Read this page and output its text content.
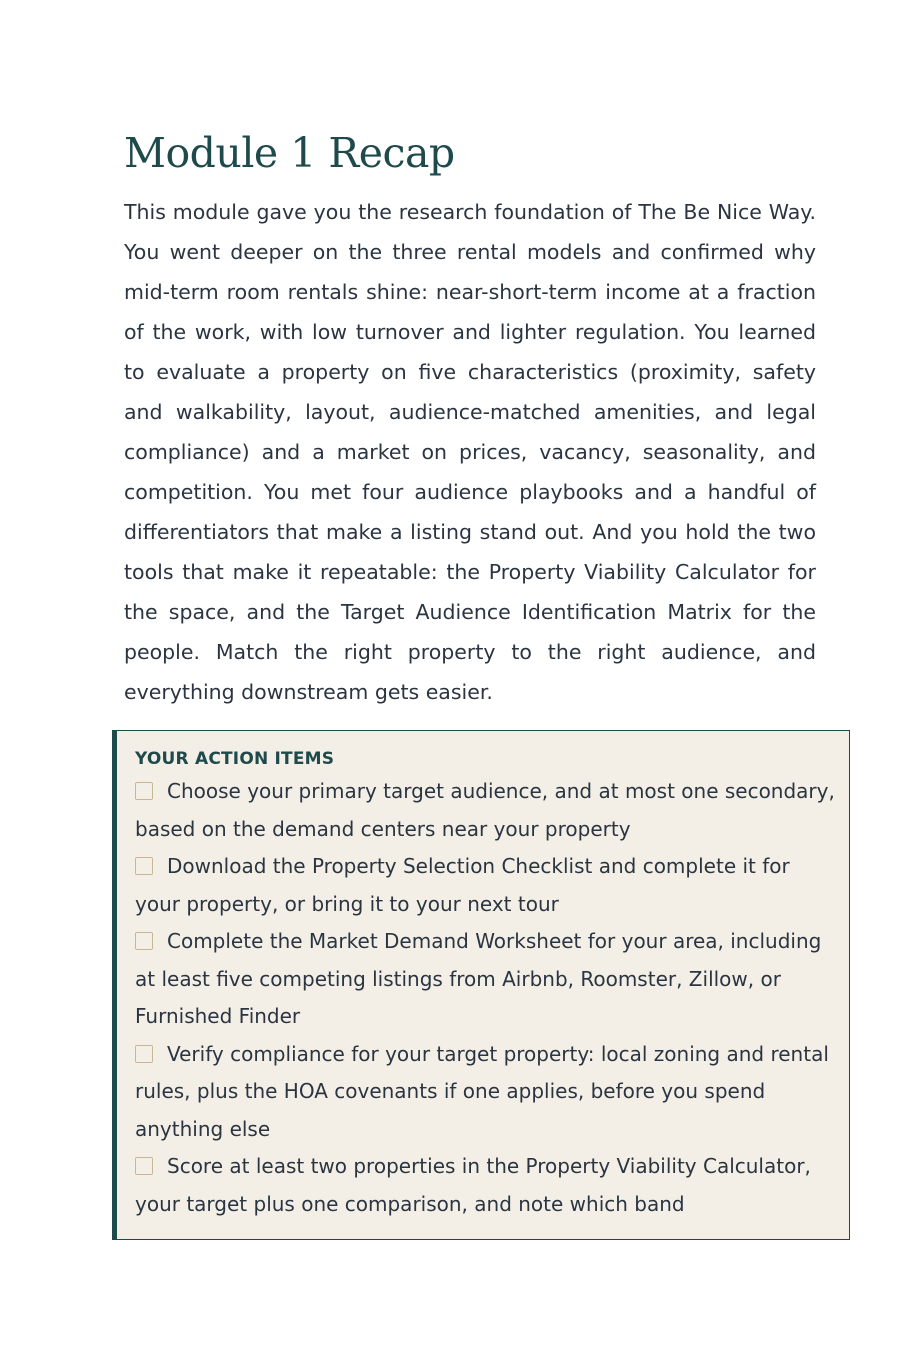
Module 1 Recap

This module gave you the research foundation of The Be Nice Way. You went deeper on the three rental models and confirmed why mid-term room rentals shine: near-short-term income at a fraction of the work, with low turnover and lighter regulation. You learned to evaluate a property on five characteristics (proximity, safety and walkability, layout, audience-matched amenities, and legal compliance) and a market on prices, vacancy, seasonality, and competition. You met four audience playbooks and a handful of differentiators that make a listing stand out. And you hold the two tools that make it repeatable: the Property Viability Calculator for the space, and the Target Audience Identification Matrix for the people. Match the right property to the right audience, and everything downstream gets easier.

YOUR ACTION ITEMS
Choose your primary target audience, and at most one secondary, based on the demand centers near your property
Download the Property Selection Checklist and complete it for your property, or bring it to your next tour
Complete the Market Demand Worksheet for your area, including at least five competing listings from Airbnb, Roomster, Zillow, or Furnished Finder
Verify compliance for your target property: local zoning and rental rules, plus the HOA covenants if one applies, before you spend anything else
Score at least two properties in the Property Viability Calculator, your target plus one comparison, and note which band
